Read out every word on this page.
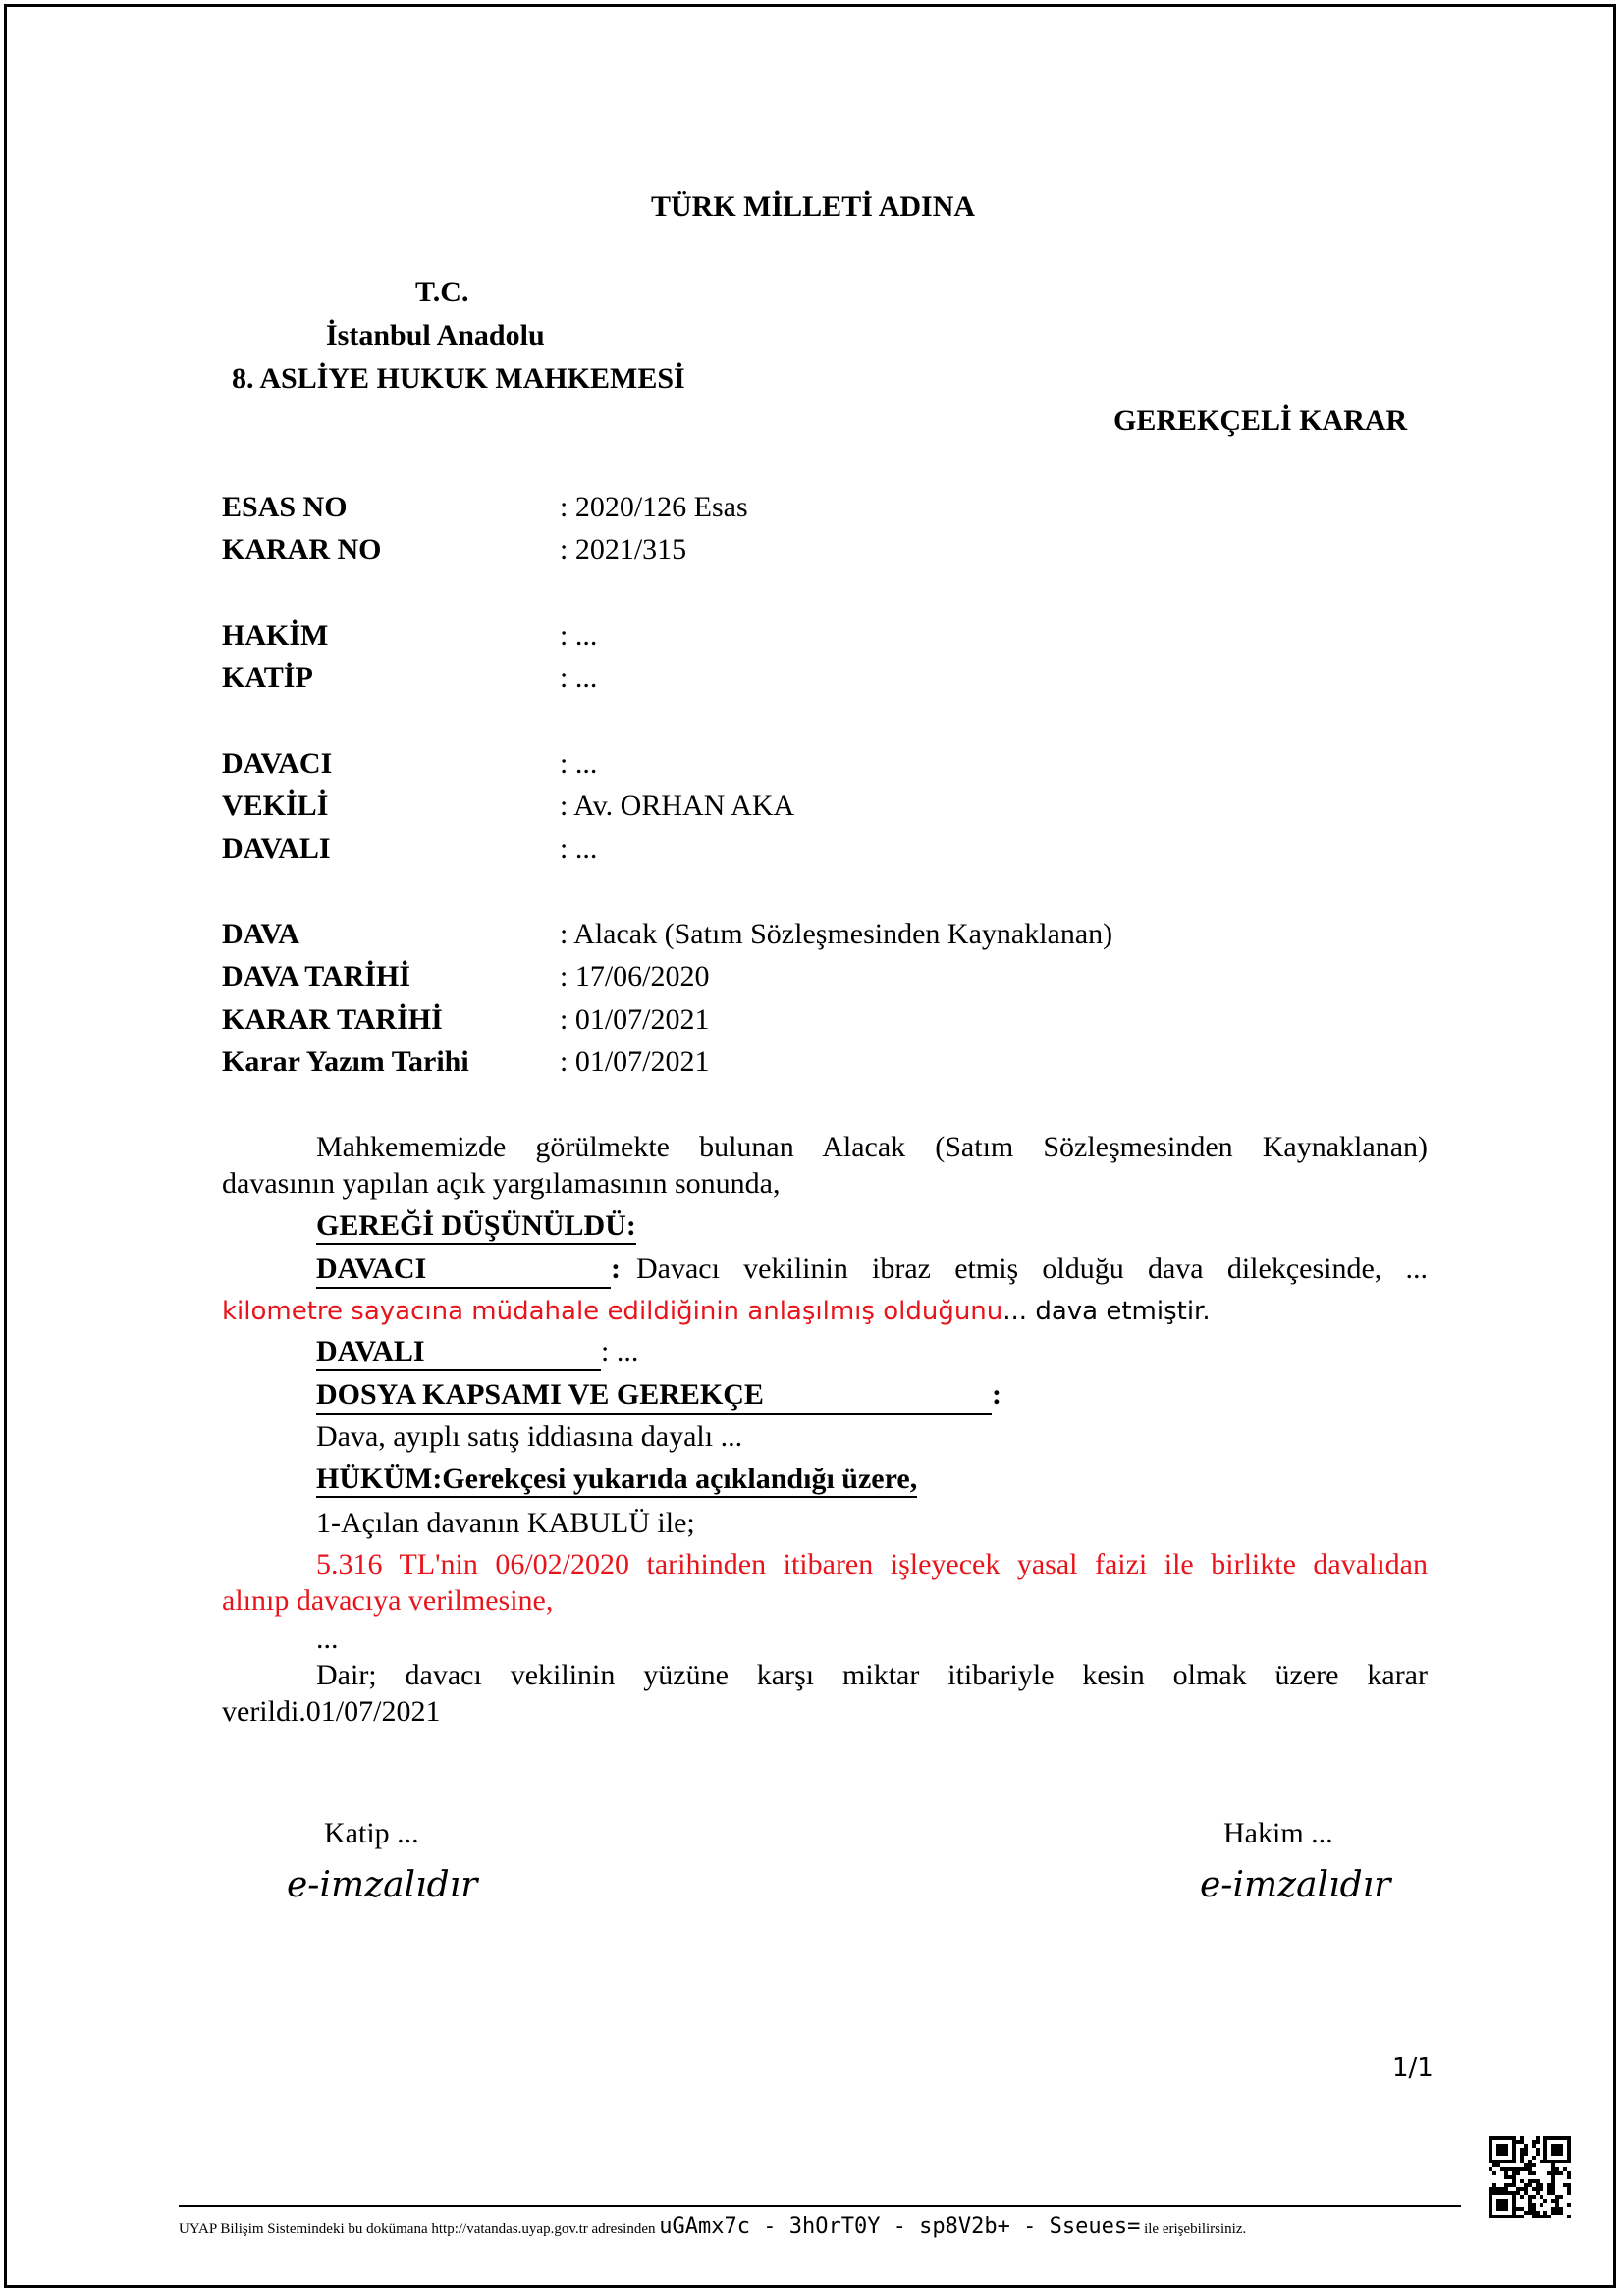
TÜRK MİLLETİ ADINA
T.C.
İstanbul Anadolu
8. ASLİYE HUKUK MAHKEMESİ
GEREKÇELİ KARAR
ESAS NO	: 2020/126 Esas
KARAR NO	: 2021/315
HAKİM	: ...
KATİP	: ...
DAVACI	: ...
VEKİLİ	: Av. ORHAN AKA
DAVALI	: ...
DAVA	: Alacak (Satım Sözleşmesinden Kaynaklanan)
DAVA TARİHİ	: 17/06/2020
KARAR TARİHİ	: 01/07/2021
Karar Yazım Tarihi	: 01/07/2021
Mahkememizde görülmekte bulunan Alacak (Satım Sözleşmesinden Kaynaklanan)
davasının yapılan açık yargılamasının sonunda,
GEREĞİ DÜŞÜNÜLDÜ:
DAVACI	: Davacı vekilinin ibraz etmiş olduğu dava dilekçesinde, ...
kilometre sayacına müdahale edildiğinin anlaşılmış olduğunu... dava etmiştir.
DAVALI	: ...
DOSYA KAPSAMI VE GEREKÇE	:
Dava, ayıplı satış iddiasına dayalı ...
HÜKÜM:Gerekçesi yukarıda açıklandığı üzere,
1-Açılan davanın KABULÜ ile;
5.316 TL'nin 06/02/2020 tarihinden itibaren işleyecek yasal faizi ile birlikte davalıdan
alınıp davacıya verilmesine,
...
Dair; davacı vekilinin yüzüne karşı miktar itibariyle kesin olmak üzere karar
verildi.01/07/2021
Katip ...
e-imzalıdır
Hakim ...
e-imzalıdır
1/1
UYAP Bilişim Sistemindeki bu dokümana http://vatandas.uyap.gov.tr adresinden uGAmx7c - 3hOrT0Y - sp8V2b+ - Sseues= ile erişebilirsiniz.
